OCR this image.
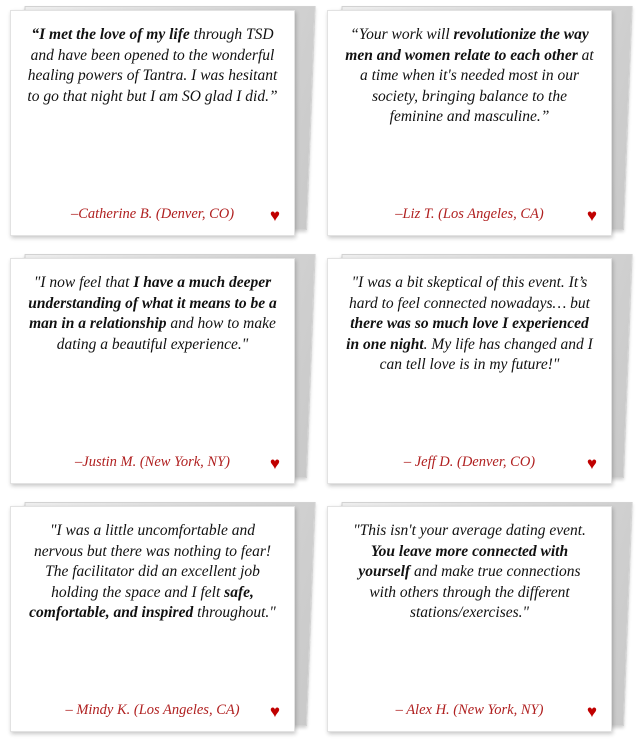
“I met the love of my life through TSD and have been opened to the wonderful healing powers of Tantra. I was hesitant to go that night but I am SO glad I did.”
–Catherine B. (Denver, CO)	♥
“Your work will revolutionize the way men and women relate to each other at a time when it's needed most in our society, bringing balance to the feminine and masculine.”
–Liz T. (Los Angeles, CA)	♥
"I now feel that I have a much deeper understanding of what it means to be a man in a relationship and how to make dating a beautiful experience."
–Justin M. (New York, NY)	♥
"I was a bit skeptical of this event. It’s hard to feel connected nowadays… but there was so much love I experienced in one night. My life has changed and I can tell love is in my future!"
– Jeff D. (Denver, CO)	♥
"I was a little uncomfortable and nervous but there was nothing to fear! The facilitator did an excellent job holding the space and I felt safe, comfortable, and inspired throughout."
– Mindy K. (Los Angeles, CA)	♥
"This isn't your average dating event. You leave more connected with yourself and make true connections with others through the different stations/exercises."
– Alex H. (New York, NY)	♥
